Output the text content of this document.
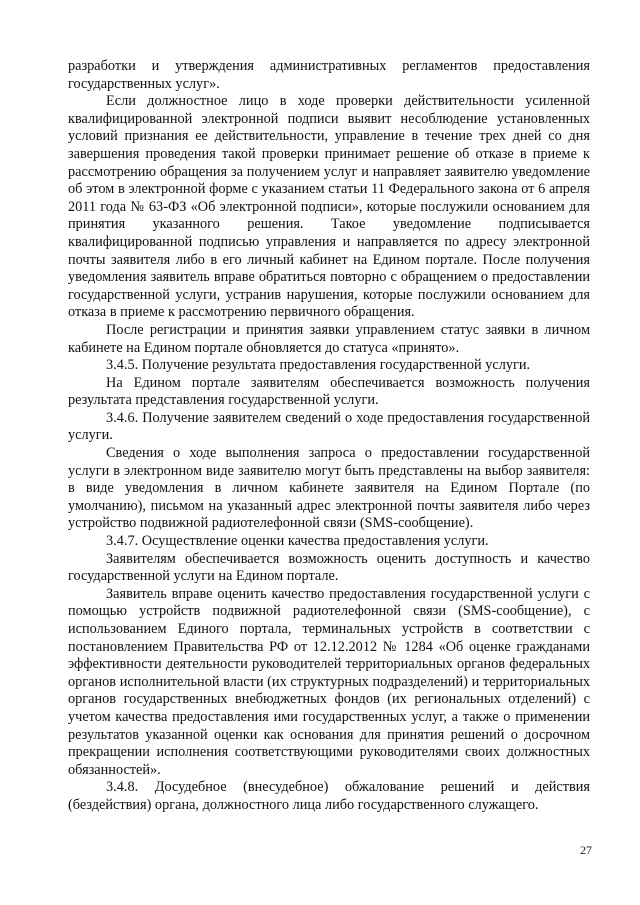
разработки и утверждения административных регламентов предоставления государственных услуг».

Если должностное лицо в ходе проверки действительности усиленной квалифицированной электронной подписи выявит несоблюдение установленных условий признания ее действительности, управление в течение трех дней со дня завершения проведения такой проверки принимает решение об отказе в приеме к рассмотрению обращения за получением услуг и направляет заявителю уведомление об этом в электронной форме с указанием статьи 11 Федерального закона от 6 апреля 2011 года № 63-ФЗ «Об электронной подписи», которые послужили основанием для принятия указанного решения. Такое уведомление подписывается квалифицированной подписью управления и направляется по адресу электронной почты заявителя либо в его личный кабинет на Едином портале. После получения уведомления заявитель вправе обратиться повторно с обращением о предоставлении государственной услуги, устранив нарушения, которые послужили основанием для отказа в приеме к рассмотрению первичного обращения.

После регистрации и принятия заявки управлением статус заявки в личном кабинете на Едином портале обновляется до статуса «принято».

3.4.5. Получение результата предоставления государственной услуги.

На Едином портале заявителям обеспечивается возможность получения результата представления государственной услуги.

3.4.6. Получение заявителем сведений о ходе предоставления государственной услуги.

Сведения о ходе выполнения запроса о предоставлении государственной услуги в электронном виде заявителю могут быть представлены на выбор заявителя: в виде уведомления в личном кабинете заявителя на Едином Портале (по умолчанию), письмом на указанный адрес электронной почты заявителя либо через устройство подвижной радиотелефонной связи (SMS-сообщение).

3.4.7. Осуществление оценки качества предоставления услуги.

Заявителям обеспечивается возможность оценить доступность и качество государственной услуги на Едином портале.

Заявитель вправе оценить качество предоставления государственной услуги с помощью устройств подвижной радиотелефонной связи (SMS-сообщение), с использованием Единого портала, терминальных устройств в соответствии с постановлением Правительства РФ от 12.12.2012 № 1284 «Об оценке гражданами эффективности деятельности руководителей территориальных органов федеральных органов исполнительной власти (их структурных подразделений) и территориальных органов государственных внебюджетных фондов (их региональных отделений) с учетом качества предоставления ими государственных услуг, а также о применении результатов указанной оценки как основания для принятия решений о досрочном прекращении исполнения соответствующими руководителями своих должностных обязанностей».

3.4.8. Досудебное (внесудебное) обжалование решений и действия (бездействия) органа, должностного лица либо государственного служащего.

27
